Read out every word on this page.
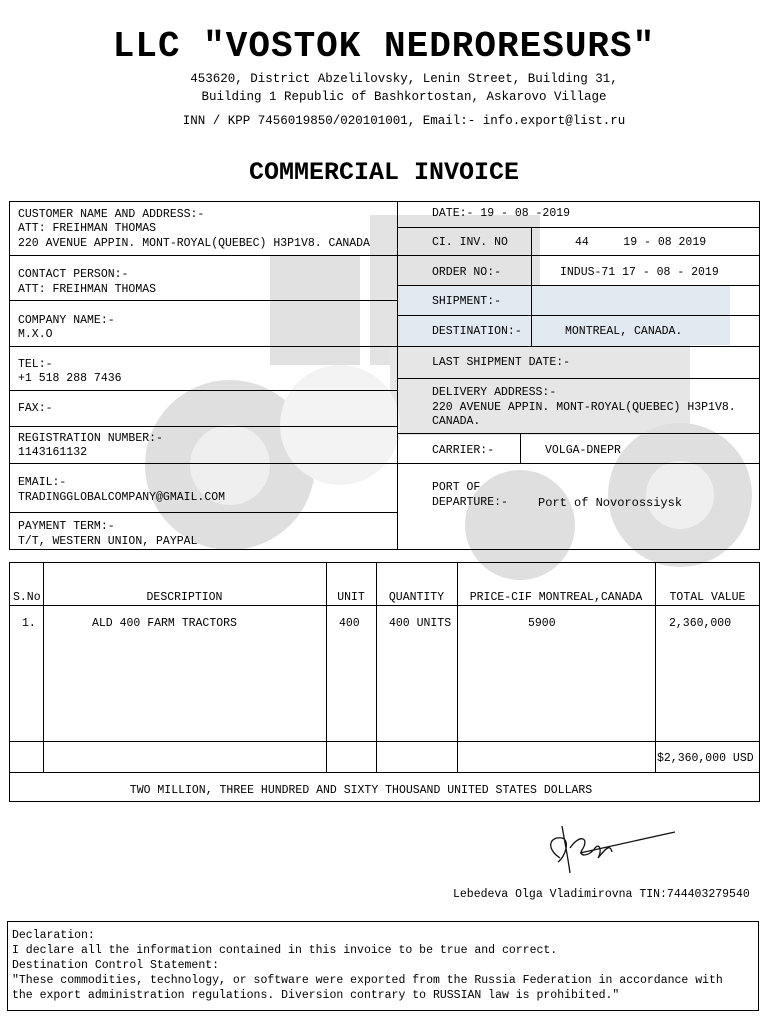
LLC "VOSTOK NEDRORESURS"
453620, District Abzelilovsky, Lenin Street, Building 31,
Building 1 Republic of Bashkortostan, Askarovo Village
INN / KPP 7456019850/020101001, Email:- info.export@list.ru
COMMERCIAL INVOICE
CUSTOMER NAME AND ADDRESS:-
ATT: FREIHMAN THOMAS
220 AVENUE APPIN. MONT-ROYAL(QUEBEC) H3P1V8. CANADA
CONTACT PERSON:-
ATT: FREIHMAN THOMAS
COMPANY NAME:-
M.X.O
TEL:-
+1 518 288 7436
FAX:-
REGISTRATION NUMBER:-
1143161132
EMAIL:-
TRADINGGLOBALCOMPANY@GMAIL.COM
PAYMENT TERM:-
T/T, WESTERN UNION, PAYPAL
DATE:- 19 - 08 -2019
CI. INV. NO	44     19 - 08 2019
ORDER NO:-	INDUS-71 17 - 08 - 2019
SHIPMENT:-
DESTINATION:-	MONTREAL, CANADA.
LAST SHIPMENT DATE:-
DELIVERY ADDRESS:-
220 AVENUE APPIN. MONT-ROYAL(QUEBEC) H3P1V8.
CANADA.
CARRIER:-	VOLGA-DNEPR
PORT OF
DEPARTURE:-	Port of Novorossiysk
S.No	DESCRIPTION	UNIT	QUANTITY	PRICE-CIF MONTREAL,CANADA	TOTAL VALUE
1.	ALD 400 FARM TRACTORS	400	400 UNITS	5900	2,360,000
$2,360,000 USD
TWO MILLION, THREE HUNDRED AND SIXTY THOUSAND UNITED STATES DOLLARS
Lebedeva Olga Vladimirovna TIN:744403279540
Declaration:
I declare all the information contained in this invoice to be true and correct.
Destination Control Statement:
"These commodities, technology, or software were exported from the Russia Federation in accordance with
the export administration regulations. Diversion contrary to RUSSIAN law is prohibited."
